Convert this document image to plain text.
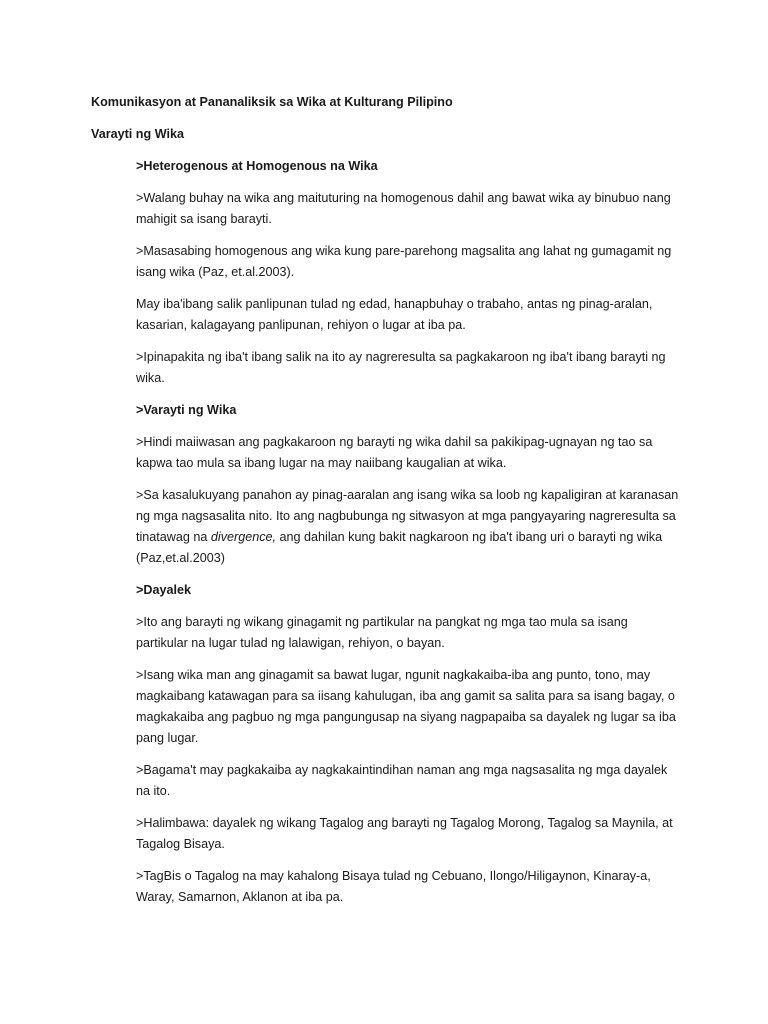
Komunikasyon at Pananaliksik sa Wika at Kulturang Pilipino
Varayti ng Wika

>Heterogenous at Homogenous na Wika

>Walang buhay na wika ang maituturing na homogenous dahil ang bawat wika ay binubuo nang mahigit sa isang barayti.

>Masasabing homogenous ang wika kung pare-parehong magsalita ang lahat ng gumagamit ng isang wika (Paz, et.al.2003).

May iba'ibang salik panlipunan tulad ng edad, hanapbuhay o trabaho, antas ng pinag-aralan, kasarian, kalagayang panlipunan, rehiyon o lugar at iba pa.

>Ipinapakita ng iba't ibang salik na ito ay nagreresulta sa pagkakaroon ng iba't ibang barayti ng wika.

>Varayti ng Wika

>Hindi maiiwasan ang pagkakaroon ng barayti ng wika dahil sa pakikipag-ugnayan ng tao sa kapwa tao mula sa ibang lugar na may naiibang kaugalian at wika.

>Sa kasalukuyang panahon ay pinag-aaralan ang isang wika sa loob ng kapaligiran at karanasan ng mga nagsasalita nito. Ito ang nagbubunga ng sitwasyon at mga pangyayaring nagreresulta sa tinatawag na divergence, ang dahilan kung bakit nagkaroon ng iba't ibang uri o barayti ng wika (Paz,et.al.2003)

>Dayalek

>Ito ang barayti ng wikang ginagamit ng partikular na pangkat ng mga tao mula sa isang partikular na lugar tulad ng lalawigan, rehiyon, o bayan.

>Isang wika man ang ginagamit sa bawat lugar, ngunit nagkakaiba-iba ang punto, tono, may magkaibang katawagan para sa iisang kahulugan, iba ang gamit sa salita para sa isang bagay, o magkakaiba ang pagbuo ng mga pangungusap na siyang nagpapaiba sa dayalek ng lugar sa iba pang lugar.

>Bagama't may pagkakaiba ay nagkakaintindihan naman ang mga nagsasalita ng mga dayalek na ito.

>Halimbawa: dayalek ng wikang Tagalog ang barayti ng Tagalog Morong, Tagalog sa Maynila, at Tagalog Bisaya.

>TagBis o Tagalog na may kahalong Bisaya tulad ng Cebuano, Ilongo/Hiligaynon, Kinaray-a, Waray, Samarnon, Aklanon at iba pa.
